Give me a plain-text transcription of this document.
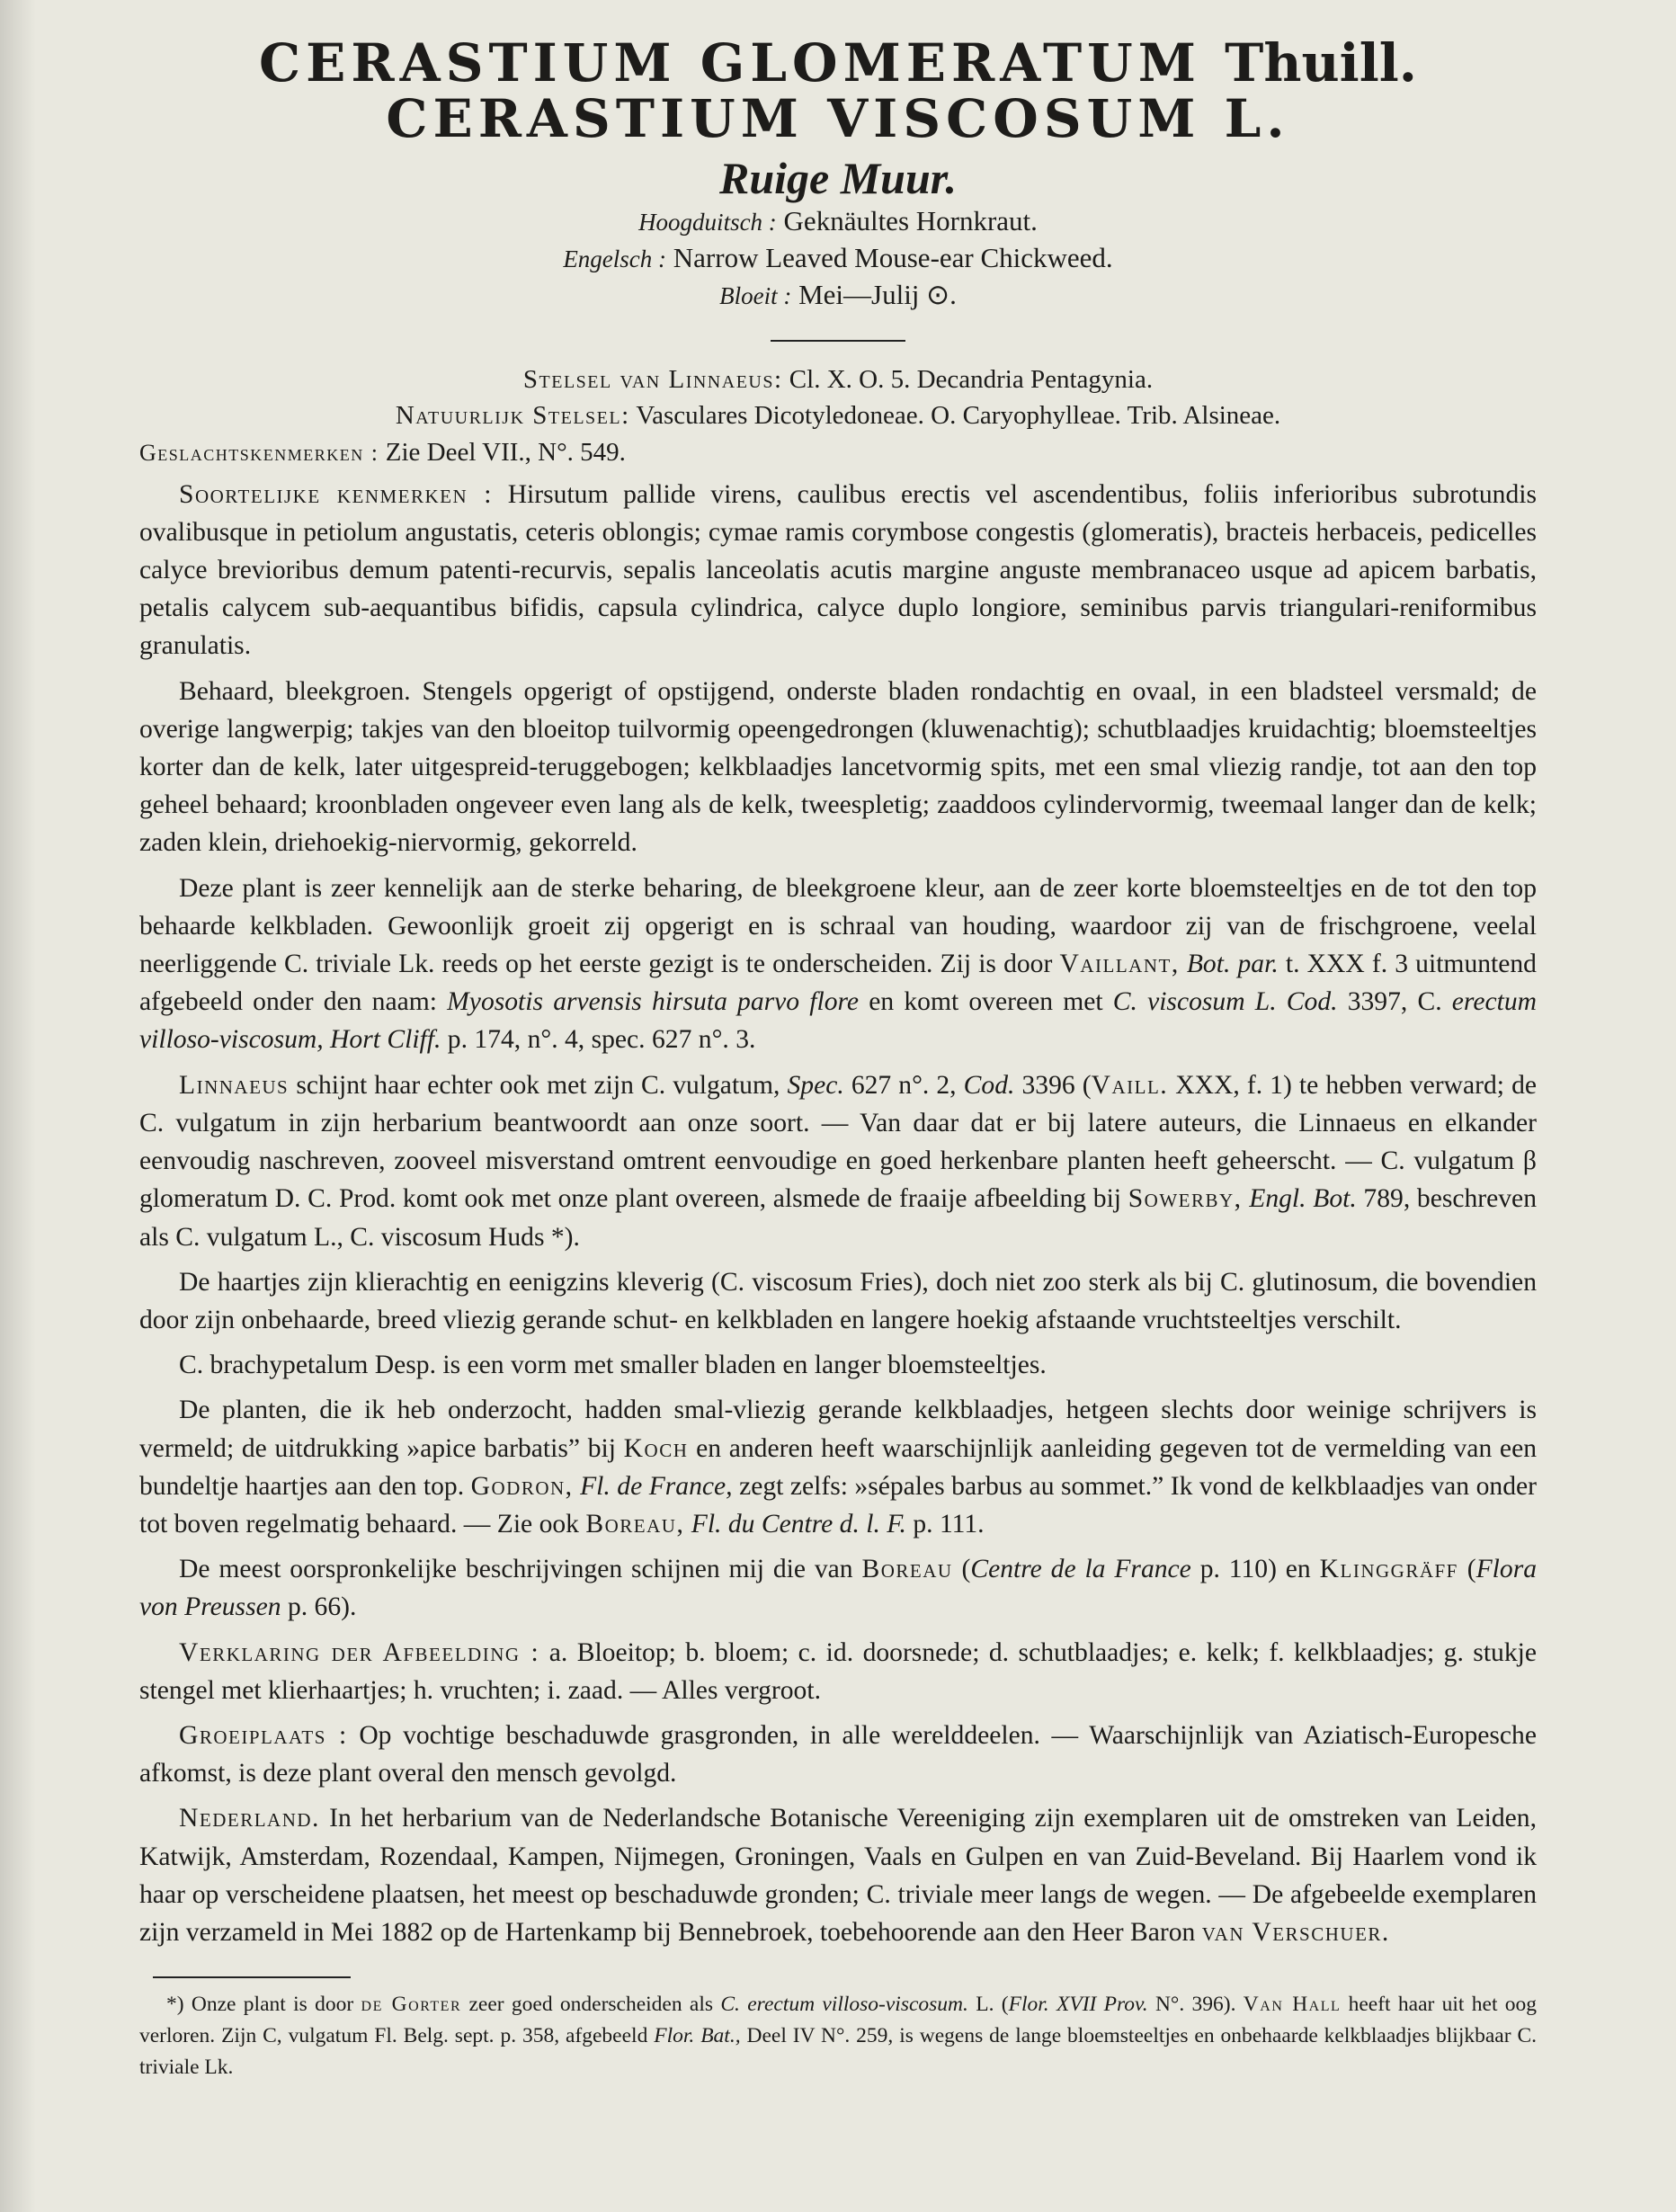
CERASTIUM GLOMERATUM Thuill.

CERASTIUM VISCOSUM L.

Ruige Muur.

Hoogduitsch : Geknäultes Hornkraut.

Engelsch : Narrow Leaved Mouse-ear Chickweed.

Bloeit : Mei—Julij ⊙.

Stelsel van Linnaeus: Cl. X. O. 5. Decandria Pentagynia.

Natuurlijk Stelsel: Vasculares Dicotyledoneae. O. Caryophylleae. Trib. Alsineae.

Geslachtskenmerken : Zie Deel VII., N°. 549.

Soortelijke kenmerken : Hirsutum pallide virens, caulibus erectis vel ascendentibus, foliis inferioribus subrotundis ovalibusque in petiolum angustatis, ceteris oblongis; cymae ramis corymbose congestis (glomeratis), bracteis herbaceis, pedicelles calyce brevioribus demum patenti-recurvis, sepalis lanceolatis acutis margine anguste membranaceo usque ad apicem barbatis, petalis calycem sub-aequantibus bifidis, capsula cylindrica, calyce duplo longiore, seminibus parvis triangulari-reniformibus granulatis.

Behaard, bleekgroen. Stengels opgerigt of opstijgend, onderste bladen rondachtig en ovaal, in een bladsteel versmald; de overige langwerpig; takjes van den bloeitop tuilvormig opeengedrongen (kluwenachtig); schutblaadjes kruidachtig; bloemsteeltjes korter dan de kelk, later uitgespreid-teruggebogen; kelkblaadjes lancetvormig spits, met een smal vliezig randje, tot aan den top geheel behaard; kroonbladen ongeveer even lang als de kelk, tweespletig; zaaddoos cylindervormig, tweemaal langer dan de kelk; zaden klein, driehoekig-niervormig, gekorreld.

Deze plant is zeer kennelijk aan de sterke beharing, de bleekgroene kleur, aan de zeer korte bloemsteeltjes en de tot den top behaarde kelkbladen. Gewoonlijk groeit zij opgerigt en is schraal van houding, waardoor zij van de frischgroene, veelal neerliggende C. triviale Lk. reeds op het eerste gezigt is te onderscheiden. Zij is door Vaillant, Bot. par. t. XXX f. 3 uitmuntend afgebeeld onder den naam: Myosotis arvensis hirsuta parvo flore en komt overeen met C. viscosum L. Cod. 3397, C. erectum villoso-viscosum, Hort Cliff. p. 174, n°. 4, spec. 627 n°. 3.

Linnaeus schijnt haar echter ook met zijn C. vulgatum, Spec. 627 n°. 2, Cod. 3396 (Vaill. XXX, f. 1) te hebben verward; de C. vulgatum in zijn herbarium beantwoordt aan onze soort. — Van daar dat er bij latere auteurs, die Linnaeus en elkander eenvoudig naschreven, zooveel misverstand omtrent eenvoudige en goed herkenbare planten heeft geheerscht. — C. vulgatum β glomeratum D. C. Prod. komt ook met onze plant overeen, alsmede de fraaije afbeelding bij Sowerby, Engl. Bot. 789, beschreven als C. vulgatum L., C. viscosum Huds *).

De haartjes zijn klierachtig en eenigzins kleverig (C. viscosum Fries), doch niet zoo sterk als bij C. glutinosum, die bovendien door zijn onbehaarde, breed vliezig gerande schut- en kelkbladen en langere hoekig afstaande vruchtsteeltjes verschilt.

C. brachypetalum Desp. is een vorm met smaller bladen en langer bloemsteeltjes.

De planten, die ik heb onderzocht, hadden smal-vliezig gerande kelkblaadjes, hetgeen slechts door weinige schrijvers is vermeld; de uitdrukking »apice barbatis” bij Koch en anderen heeft waarschijnlijk aanleiding gegeven tot de vermelding van een bundeltje haartjes aan den top. Godron, Fl. de France, zegt zelfs: »sépales barbus au sommet.” Ik vond de kelkblaadjes van onder tot boven regelmatig behaard. — Zie ook Boreau, Fl. du Centre d. l. F. p. 111.

De meest oorspronkelijke beschrijvingen schijnen mij die van Boreau (Centre de la France p. 110) en Klinggräff (Flora von Preussen p. 66).

Verklaring der Afbeelding : a. Bloeitop; b. bloem; c. id. doorsnede; d. schutblaadjes; e. kelk; f. kelkblaadjes; g. stukje stengel met klierhaartjes; h. vruchten; i. zaad. — Alles vergroot.

Groeiplaats : Op vochtige beschaduwde grasgronden, in alle werelddeelen. — Waarschijnlijk van Aziatisch-Europesche afkomst, is deze plant overal den mensch gevolgd.

Nederland. In het herbarium van de Nederlandsche Botanische Vereeniging zijn exemplaren uit de omstreken van Leiden, Katwijk, Amsterdam, Rozendaal, Kampen, Nijmegen, Groningen, Vaals en Gulpen en van Zuid-Beveland. Bij Haarlem vond ik haar op verscheidene plaatsen, het meest op beschaduwde gronden; C. triviale meer langs de wegen. — De afgebeelde exemplaren zijn verzameld in Mei 1882 op de Hartenkamp bij Bennebroek, toebehoorende aan den Heer Baron van Verschuer.

*) Onze plant is door de Gorter zeer goed onderscheiden als C. erectum villoso-viscosum. L. (Flor. XVII Prov. N°. 396). Van Hall heeft haar uit het oog verloren. Zijn C, vulgatum Fl. Belg. sept. p. 358, afgebeeld Flor. Bat., Deel IV N°. 259, is wegens de lange bloemsteeltjes en onbehaarde kelkblaadjes blijkbaar C. triviale Lk.
